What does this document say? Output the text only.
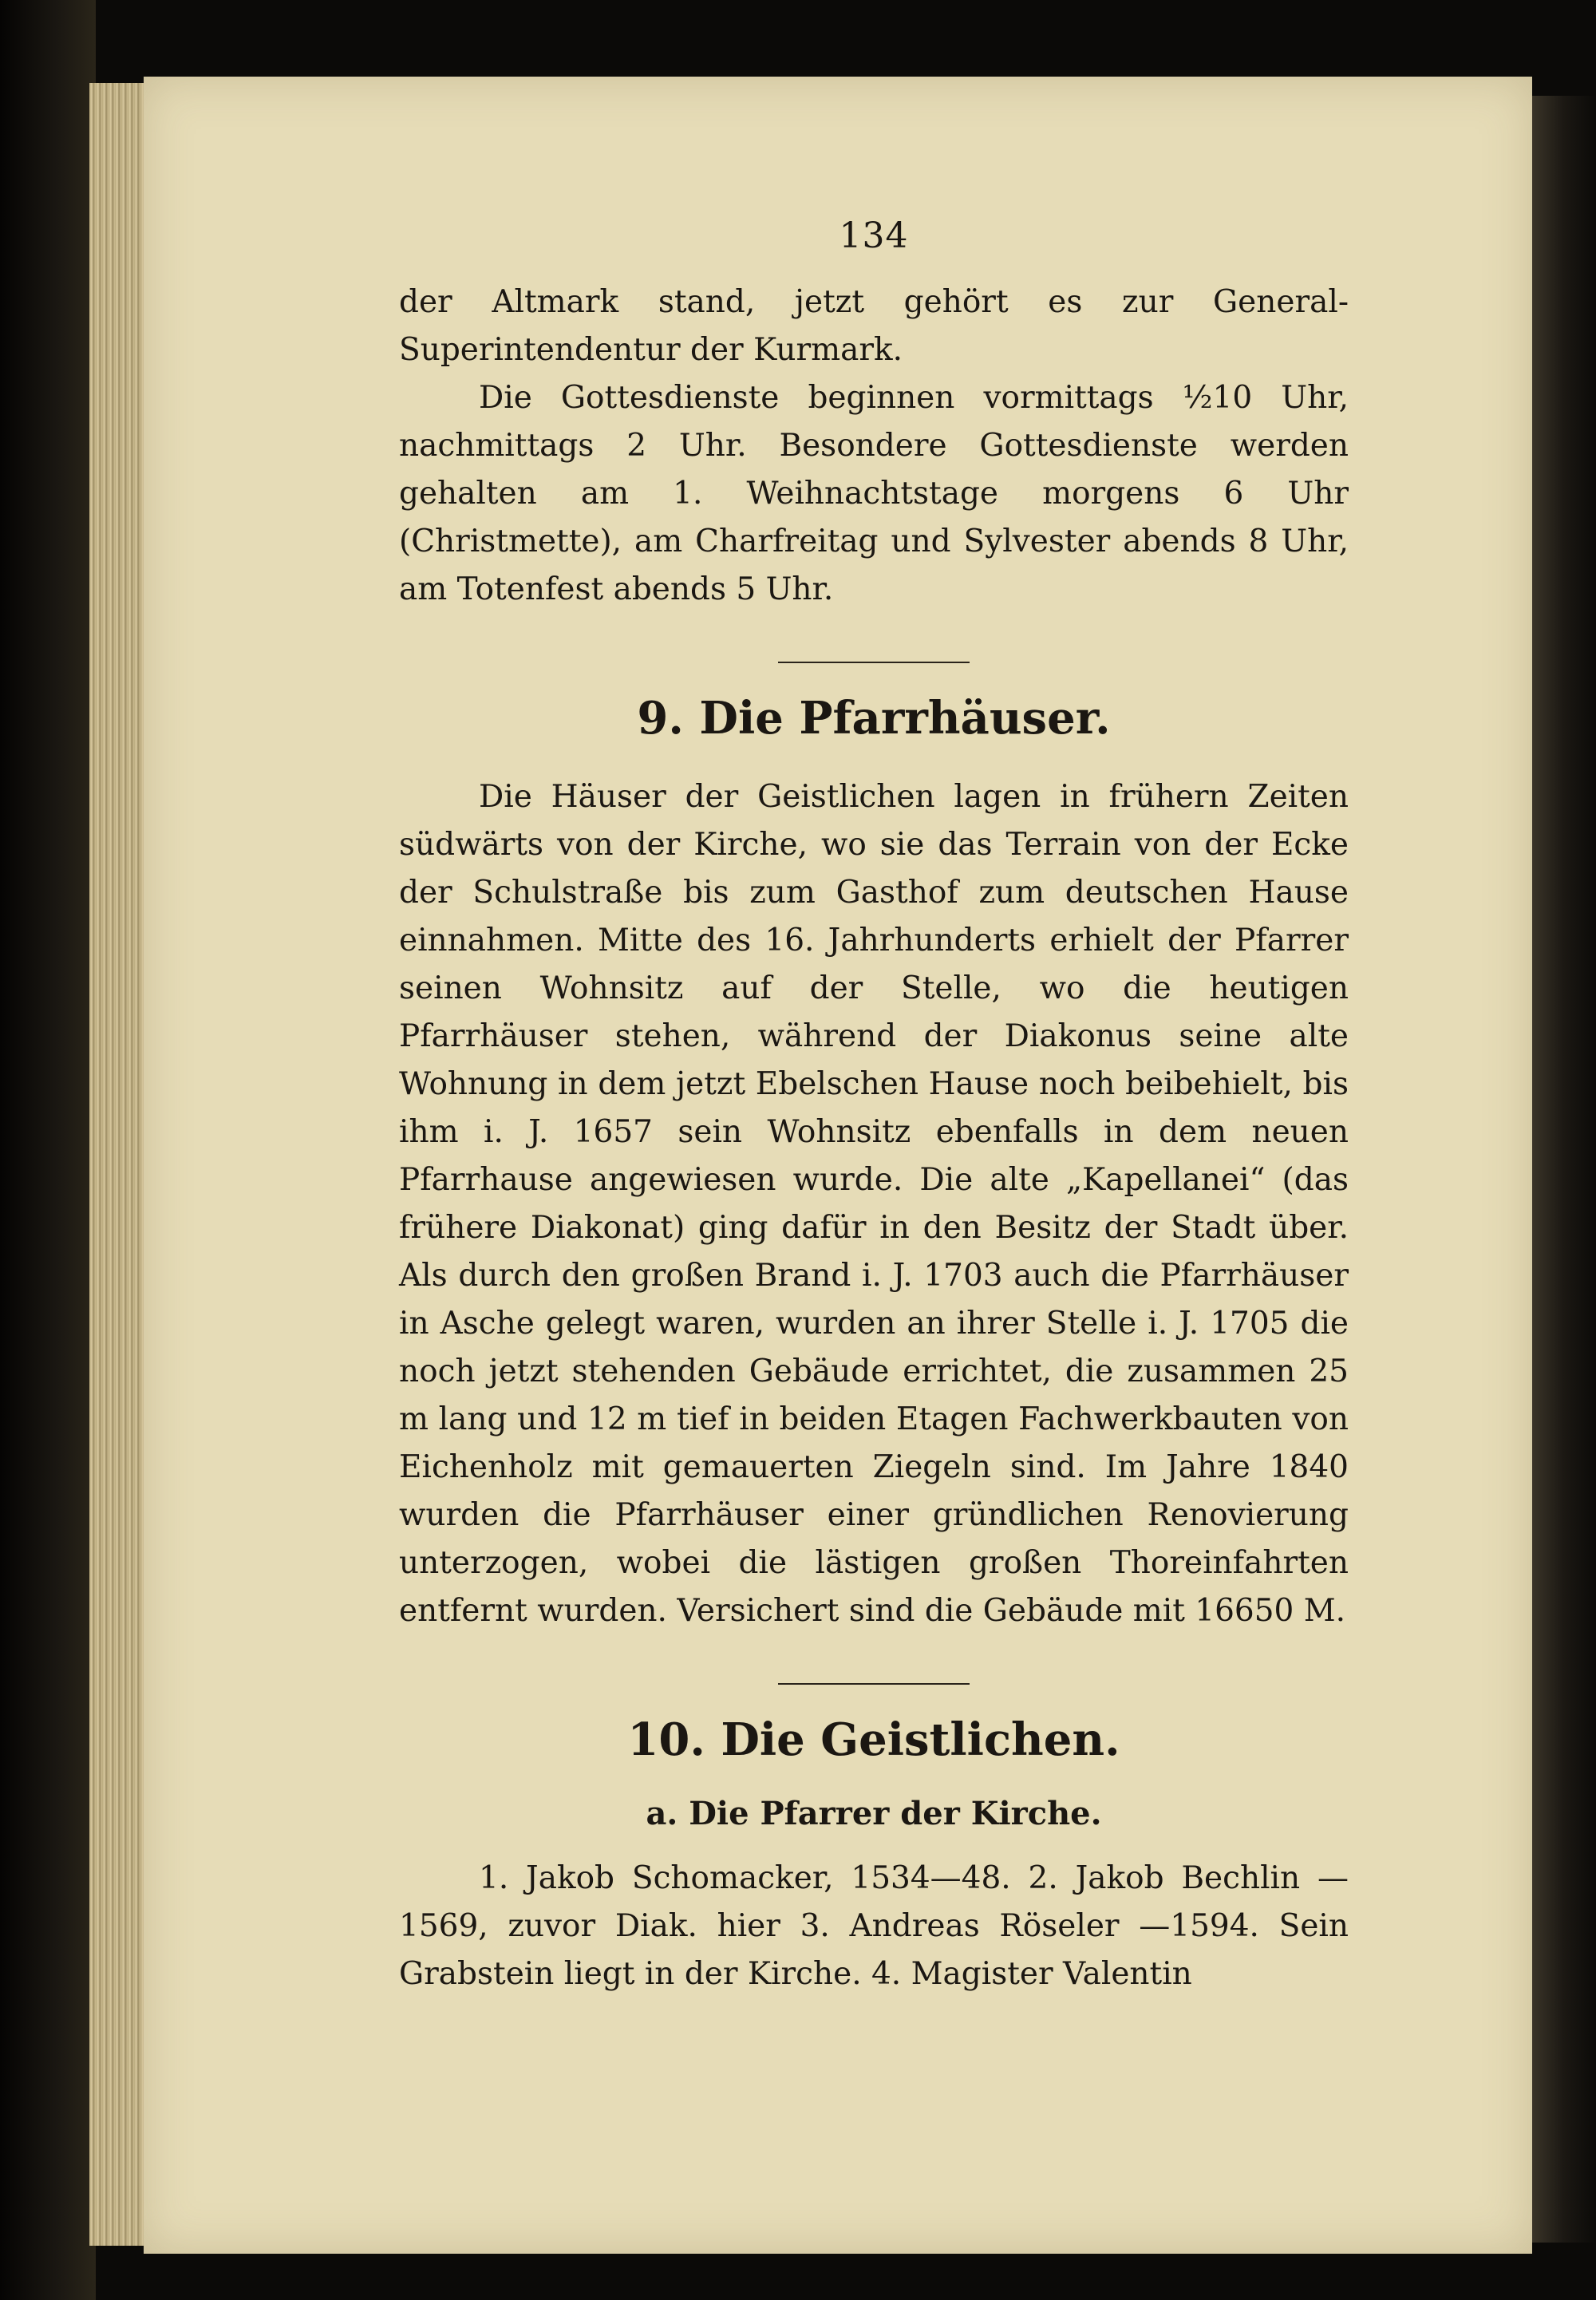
134

der Altmark stand, jetzt gehört es zur General-Superintendentur der Kurmark.

Die Gottesdienste beginnen vormittags ½10 Uhr, nachmittags 2 Uhr. Besondere Gottesdienste werden gehalten am 1. Weihnachtstage morgens 6 Uhr (Christmette), am Charfreitag und Sylvester abends 8 Uhr, am Totenfest abends 5 Uhr.

9. Die Pfarrhäuser.

Die Häuser der Geistlichen lagen in frühern Zeiten südwärts von der Kirche, wo sie das Terrain von der Ecke der Schulstraße bis zum Gasthof zum deutschen Hause einnahmen. Mitte des 16. Jahrhunderts erhielt der Pfarrer seinen Wohnsitz auf der Stelle, wo die heutigen Pfarrhäuser stehen, während der Diakonus seine alte Wohnung in dem jetzt Ebelschen Hause noch beibehielt, bis ihm i. J. 1657 sein Wohnsitz ebenfalls in dem neuen Pfarrhause angewiesen wurde. Die alte „Kapellanei“ (das frühere Diakonat) ging dafür in den Besitz der Stadt über. Als durch den großen Brand i. J. 1703 auch die Pfarrhäuser in Asche gelegt waren, wurden an ihrer Stelle i. J. 1705 die noch jetzt stehenden Gebäude errichtet, die zusammen 25 m lang und 12 m tief in beiden Etagen Fachwerkbauten von Eichenholz mit gemauerten Ziegeln sind. Im Jahre 1840 wurden die Pfarrhäuser einer gründlichen Renovierung unterzogen, wobei die lästigen großen Thoreinfahrten entfernt wurden. Versichert sind die Gebäude mit 16650 M.

10. Die Geistlichen.
a. Die Pfarrer der Kirche.

1. Jakob Schomacker, 1534—48. 2. Jakob Bechlin —1569, zuvor Diak. hier 3. Andreas Röseler —1594. Sein Grabstein liegt in der Kirche. 4. Magister Valentin
